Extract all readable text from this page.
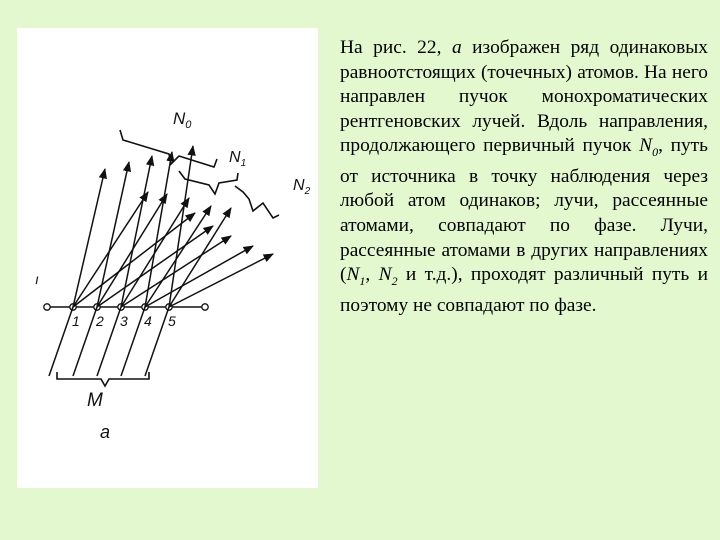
1 2 3 4 5
$N_0$
$N_1$
$N_2$
M
а
ı
На рис. 22, а изображен ряд одинаковых равноотстоящих (точечных) атомов. На него направлен пучок монохроматических рентгеновских лучей. Вдоль направления, продолжающего первичный пучок $N_0$, путь от источника в точку наблюдения через любой атом одинаков; лучи, рассеянные атомами, совпадают по фазе. Лучи, рассеянные атомами в других направлениях ($N_1$, $N_2$ и т.д.), проходят различный путь и поэтому не совпадают по фазе.
